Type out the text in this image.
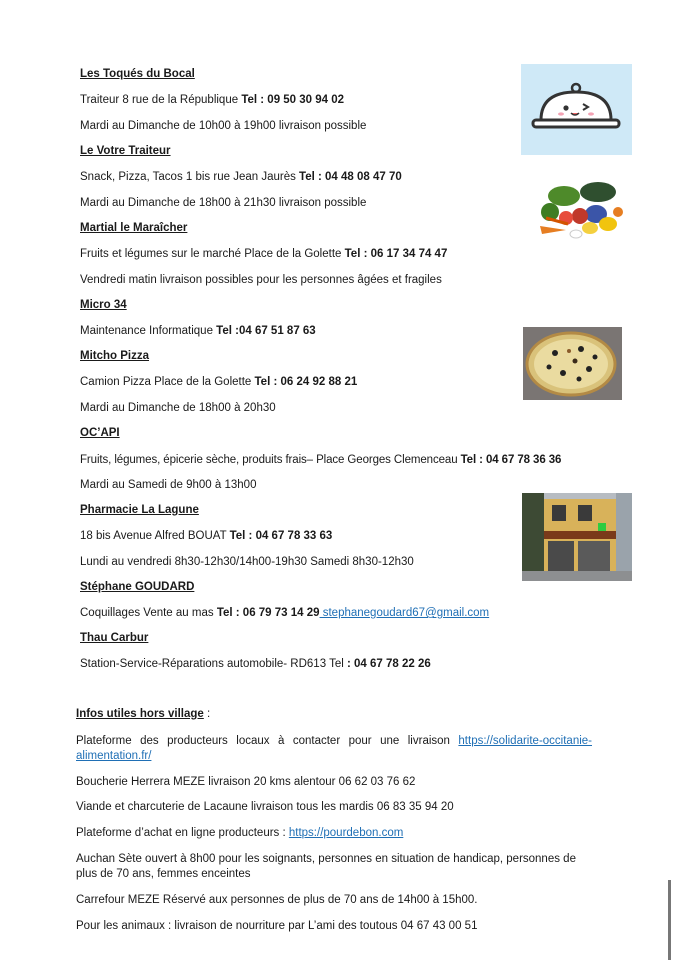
Les Toqués du Bocal
Traiteur 8 rue de la République Tel : 09 50 30 94 02
Mardi au Dimanche de 10h00 à 19h00 livraison possible
Le Votre Traiteur
Snack, Pizza, Tacos 1 bis rue Jean Jaurès Tel : 04 48 08 47 70
Mardi au Dimanche de 18h00 à 21h30 livraison possible
Martial le Maraîcher
Fruits et légumes sur le marché Place de la Golette Tel : 06 17 34 74 47
Vendredi matin livraison possibles pour les personnes âgées et fragiles
Micro 34
Maintenance Informatique Tel :04 67 51 87 63
Mitcho Pizza
Camion Pizza Place de la Golette Tel : 06 24 92 88 21
Mardi au Dimanche de 18h00 à 20h30
OC’API
Fruits, légumes, épicerie sèche, produits frais– Place Georges Clemenceau Tel : 04 67 78 36 36
Mardi au Samedi de 9h00 à 13h00
Pharmacie La Lagune
18 bis Avenue Alfred BOUAT Tel : 04 67 78 33 63
Lundi au vendredi 8h30-12h30/14h00-19h30 Samedi 8h30-12h30
Stéphane GOUDARD
Coquillages Vente au mas Tel : 06 79 73 14 29 stephanegoudard67@gmail.com
Thau Carbur
Station-Service-Réparations automobile- RD613 Tel : 04 67 78 22 26
Infos utiles hors village :
Plateforme des producteurs locaux à contacter pour une livraison https://solidarite-occitanie-alimentation.fr/
Boucherie Herrera MEZE livraison 20 kms alentour 06 62 03 76 62
Viande et charcuterie de Lacaune livraison tous les mardis 06 83 35 94 20
Plateforme d’achat en ligne producteurs : https://pourdebon.com
Auchan Sète ouvert à 8h00 pour les soignants, personnes en situation de handicap, personnes de plus de 70 ans, femmes enceintes
Carrefour MEZE Réservé aux personnes de plus de 70 ans de 14h00 à 15h00.
Pour les animaux : livraison de nourriture par L’ami des toutous 04 67 43 00 51
